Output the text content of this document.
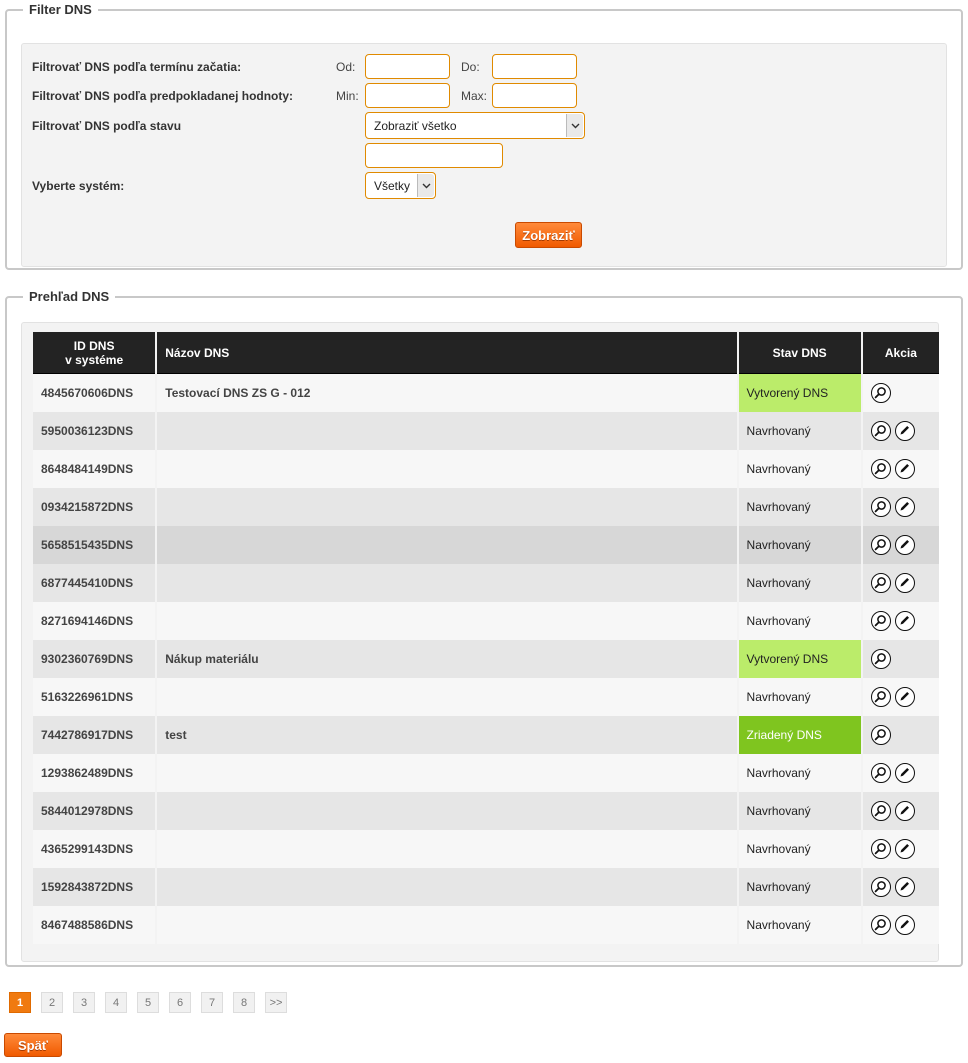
Filter DNS
Filtrovať DNS podľa termínu začatia:	Od:	Do:
Filtrovať DNS podľa predpokladanej hodnoty:	Min:	Max:
Filtrovať DNS podľa stavu	Zobraziť všetko
Vyberte systém:	Všetky
Zobraziť
Prehľad DNS
ID DNS
v systéme	Názov DNS	Stav DNS	Akcia
4845670606DNS	Testovací DNS ZS G - 012	Vytvorený DNS	

5950036123DNS		Navrhovaný	

8648484149DNS		Navrhovaný	

0934215872DNS		Navrhovaný	

5658515435DNS		Navrhovaný	

6877445410DNS		Navrhovaný	

8271694146DNS		Navrhovaný	

9302360769DNS	Nákup materiálu	Vytvorený DNS	

5163226961DNS		Navrhovaný	

7442786917DNS	test	Zriadený DNS	

1293862489DNS		Navrhovaný	

5844012978DNS		Navrhovaný	

4365299143DNS		Navrhovaný	

1592843872DNS		Navrhovaný	

8467488586DNS		Navrhovaný	
1	2	3	4	5	6	7	8	>>
Späť
